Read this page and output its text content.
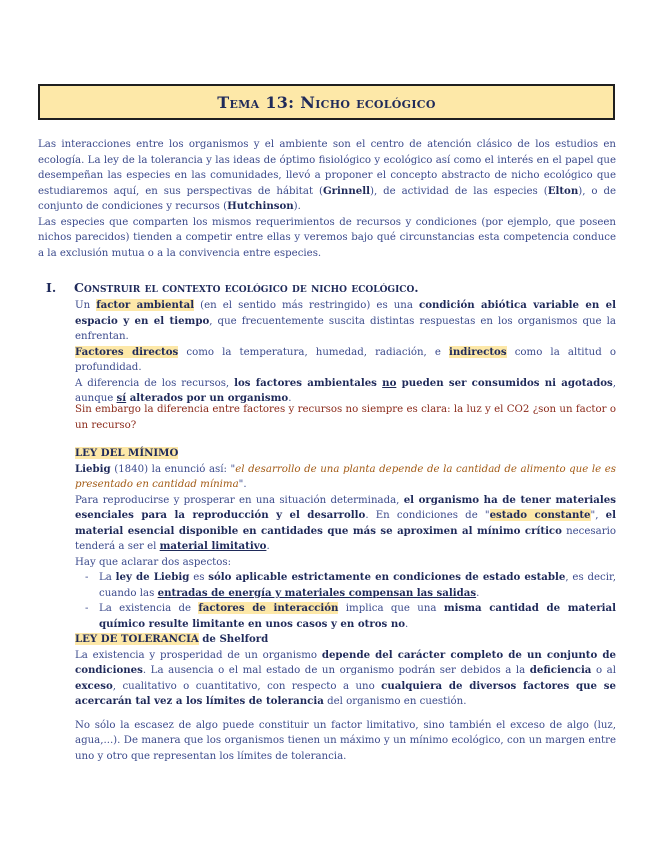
Tema 13: Nicho ecológico

Las interacciones entre los organismos y el ambiente son el centro de atención clásico de los estudios en ecología. La ley de la tolerancia y las ideas de óptimo fisiológico y ecológico así como el interés en el papel que desempeñan las especies en las comunidades, llevó a proponer el concepto abstracto de nicho ecológico que estudiaremos aquí, en sus perspectivas de hábitat (Grinnell), de actividad de las especies (Elton), o de conjunto de condiciones y recursos (Hutchinson).

Las especies que comparten los mismos requerimientos de recursos y condiciones (por ejemplo, que poseen nichos parecidos) tienden a competir entre ellas y veremos bajo qué circunstancias esta competencia conduce a la exclusión mutua o a la convivencia entre especies.

I. Construir el contexto ecológico de nicho ecológico.

Un factor ambiental (en el sentido más restringido) es una condición abiótica variable en el espacio y en el tiempo, que frecuentemente suscita distintas respuestas en los organismos que la enfrentan.

Factores directos como la temperatura, humedad, radiación, e indirectos como la altitud o profundidad.

A diferencia de los recursos, los factores ambientales no pueden ser consumidos ni agotados, aunque sí alterados por un organismo.

Sin embargo la diferencia entre factores y recursos no siempre es clara: la luz y el CO2 ¿son un factor o un recurso?

LEY DEL MÍNIMO

Liebig (1840) la enunció así: "el desarrollo de una planta depende de la cantidad de alimento que le es presentado en cantidad mínima".

Para reproducirse y prosperar en una situación determinada, el organismo ha de tener materiales esenciales para la reproducción y el desarrollo. En condiciones de "estado constante", el material esencial disponible en cantidades que más se aproximen al mínimo crítico necesario tenderá a ser el material limitativo.

Hay que aclarar dos aspectos:

- La ley de Liebig es sólo aplicable estrictamente en condiciones de estado estable, es decir, cuando las entradas de energía y materiales compensan las salidas.
- La existencia de factores de interacción implica que una misma cantidad de material químico resulte limitante en unos casos y en otros no.

LEY DE TOLERANCIA de Shelford

La existencia y prosperidad de un organismo depende del carácter completo de un conjunto de condiciones. La ausencia o el mal estado de un organismo podrán ser debidos a la deficiencia o al exceso, cualitativo o cuantitativo, con respecto a uno cualquiera de diversos factores que se acercarán tal vez a los límites de tolerancia del organismo en cuestión.

No sólo la escasez de algo puede constituir un factor limitativo, sino también el exceso de algo (luz, agua,...). De manera que los organismos tienen un máximo y un mínimo ecológico, con un margen entre uno y otro que representan los límites de tolerancia.
